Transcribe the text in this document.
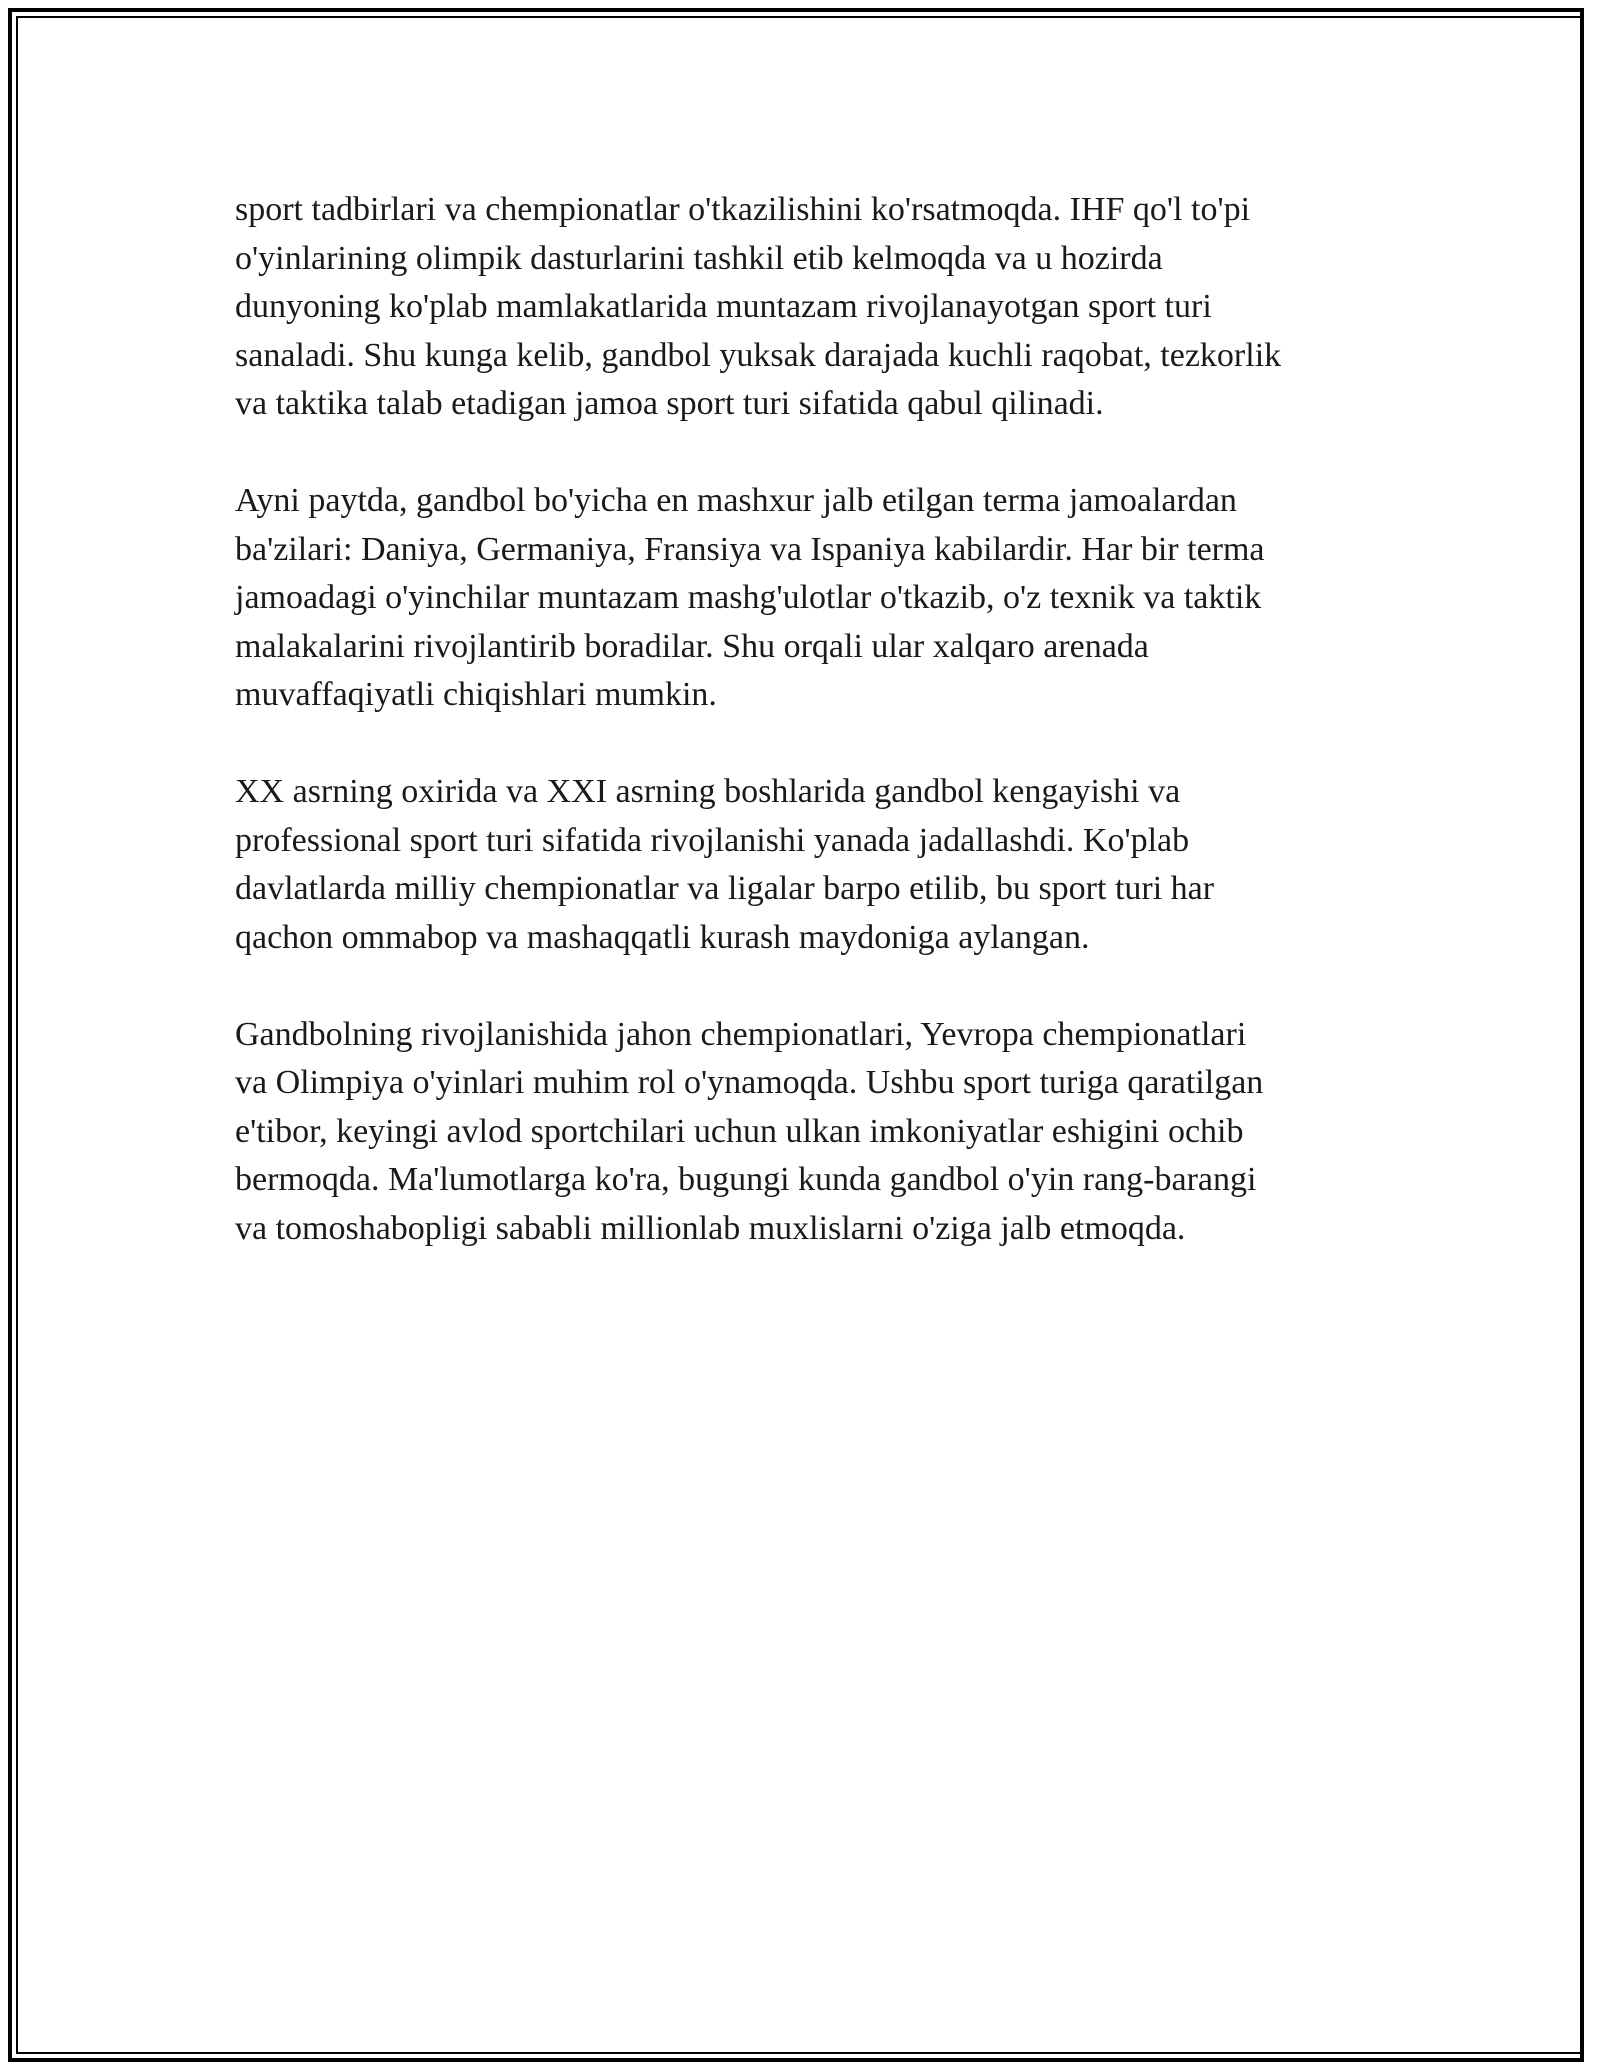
sport tadbirlari va chempionatlar o'tkazilishini ko'rsatmoqda. IHF qo'l to'pi
o'yinlarining olimpik dasturlarini tashkil etib kelmoqda va u hozirda
dunyoning ko'plab mamlakatlarida muntazam rivojlanayotgan sport turi
sanaladi. Shu kunga kelib, gandbol yuksak darajada kuchli raqobat, tezkorlik
va taktika talab etadigan jamoa sport turi sifatida qabul qilinadi.

Ayni paytda, gandbol bo'yicha en mashxur jalb etilgan terma jamoalardan
ba'zilari: Daniya, Germaniya, Fransiya va Ispaniya kabilardir. Har bir terma
jamoadagi o'yinchilar muntazam mashg'ulotlar o'tkazib, o'z texnik va taktik
malakalarini rivojlantirib boradilar. Shu orqali ular xalqaro arenada
muvaffaqiyatli chiqishlari mumkin.

XX asrning oxirida va XXI asrning boshlarida gandbol kengayishi va
professional sport turi sifatida rivojlanishi yanada jadallashdi. Ko'plab
davlatlarda milliy chempionatlar va ligalar barpo etilib, bu sport turi har
qachon ommabop va mashaqqatli kurash maydoniga aylangan.

Gandbolning rivojlanishida jahon chempionatlari, Yevropa chempionatlari
va Olimpiya o'yinlari muhim rol o'ynamoqda. Ushbu sport turiga qaratilgan
e'tibor, keyingi avlod sportchilari uchun ulkan imkoniyatlar eshigini ochib
bermoqda. Ma'lumotlarga ko'ra, bugungi kunda gandbol o'yin rang-barangi
va tomoshabopligi sababli millionlab muxlislarni o'ziga jalb etmoqda.
